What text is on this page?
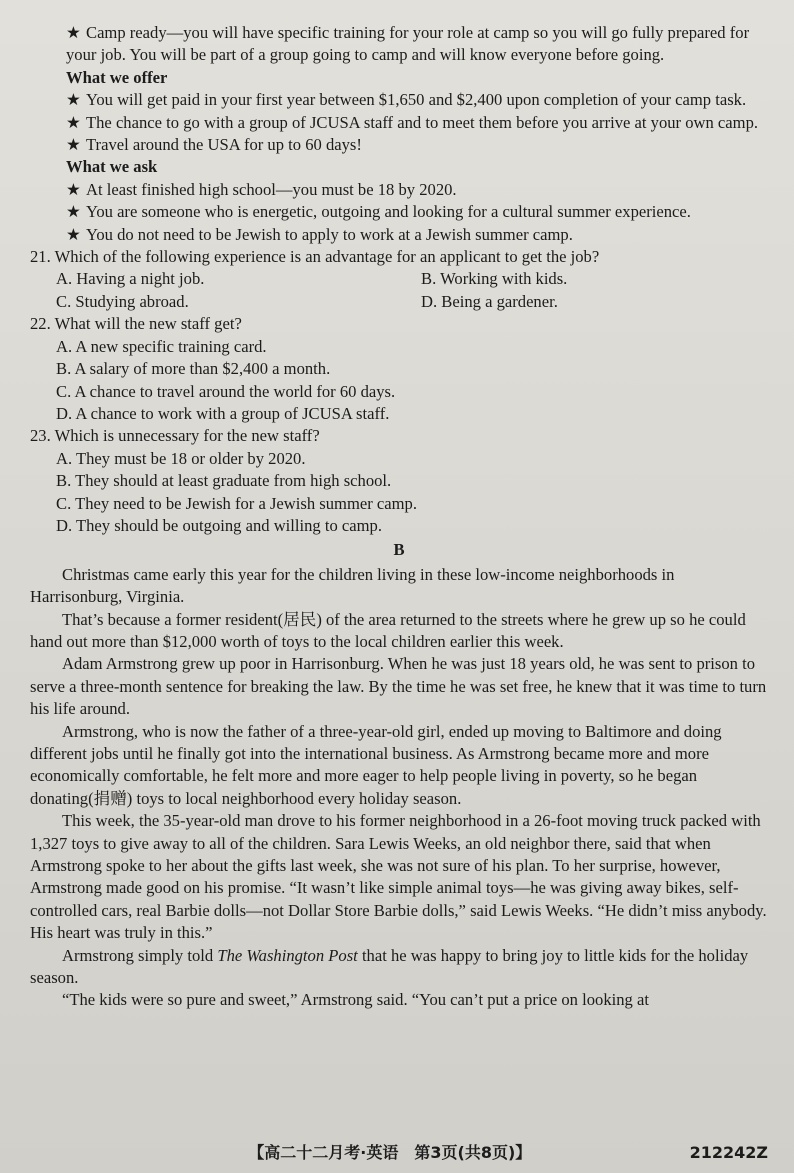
★ Camp ready—you will have specific training for your role at camp so you will go fully prepared for your job. You will be part of a group going to camp and will know everyone before going.

What we offer

★ You will get paid in your first year between $1,650 and $2,400 upon completion of your camp task.

★ The chance to go with a group of JCUSA staff and to meet them before you arrive at your own camp.

★ Travel around the USA for up to 60 days!

What we ask

★ At least finished high school—you must be 18 by 2020.

★ You are someone who is energetic, outgoing and looking for a cultural summer experience.

★ You do not need to be Jewish to apply to work at a Jewish summer camp.

21. Which of the following experience is an advantage for an applicant to get the job?

A. Having a night job.	B. Working with kids.
C. Studying abroad.	D. Being a gardener.

22. What will the new staff get?

A. A new specific training card.

B. A salary of more than $2,400 a month.

C. A chance to travel around the world for 60 days.

D. A chance to work with a group of JCUSA staff.

23. Which is unnecessary for the new staff?

A. They must be 18 or older by 2020.

B. They should at least graduate from high school.

C. They need to be Jewish for a Jewish summer camp.

D. They should be outgoing and willing to camp.

B

Christmas came early this year for the children living in these low-income neighborhoods in Harrisonburg, Virginia.

That’s because a former resident(居民) of the area returned to the streets where he grew up so he could hand out more than $12,000 worth of toys to the local children earlier this week.

Adam Armstrong grew up poor in Harrisonburg. When he was just 18 years old, he was sent to prison to serve a three-month sentence for breaking the law. By the time he was set free, he knew that it was time to turn his life around.

Armstrong, who is now the father of a three-year-old girl, ended up moving to Baltimore and doing different jobs until he finally got into the international business. As Armstrong became more and more economically comfortable, he felt more and more eager to help people living in poverty, so he began donating(捐赠) toys to local neighborhood every holiday season.

This week, the 35-year-old man drove to his former neighborhood in a 26-foot moving truck packed with 1,327 toys to give away to all of the children. Sara Lewis Weeks, an old neighbor there, said that when Armstrong spoke to her about the gifts last week, she was not sure of his plan. To her surprise, however, Armstrong made good on his promise. “It wasn’t like simple animal toys—he was giving away bikes, self-controlled cars, real Barbie dolls—not Dollar Store Barbie dolls,” said Lewis Weeks. “He didn’t miss anybody. His heart was truly in this.”

Armstrong simply told The Washington Post that he was happy to bring joy to little kids for the holiday season.

“The kids were so pure and sweet,” Armstrong said. “You can’t put a price on looking at

【高二十二月考·英语　第3页(共8页)】	212242Z
